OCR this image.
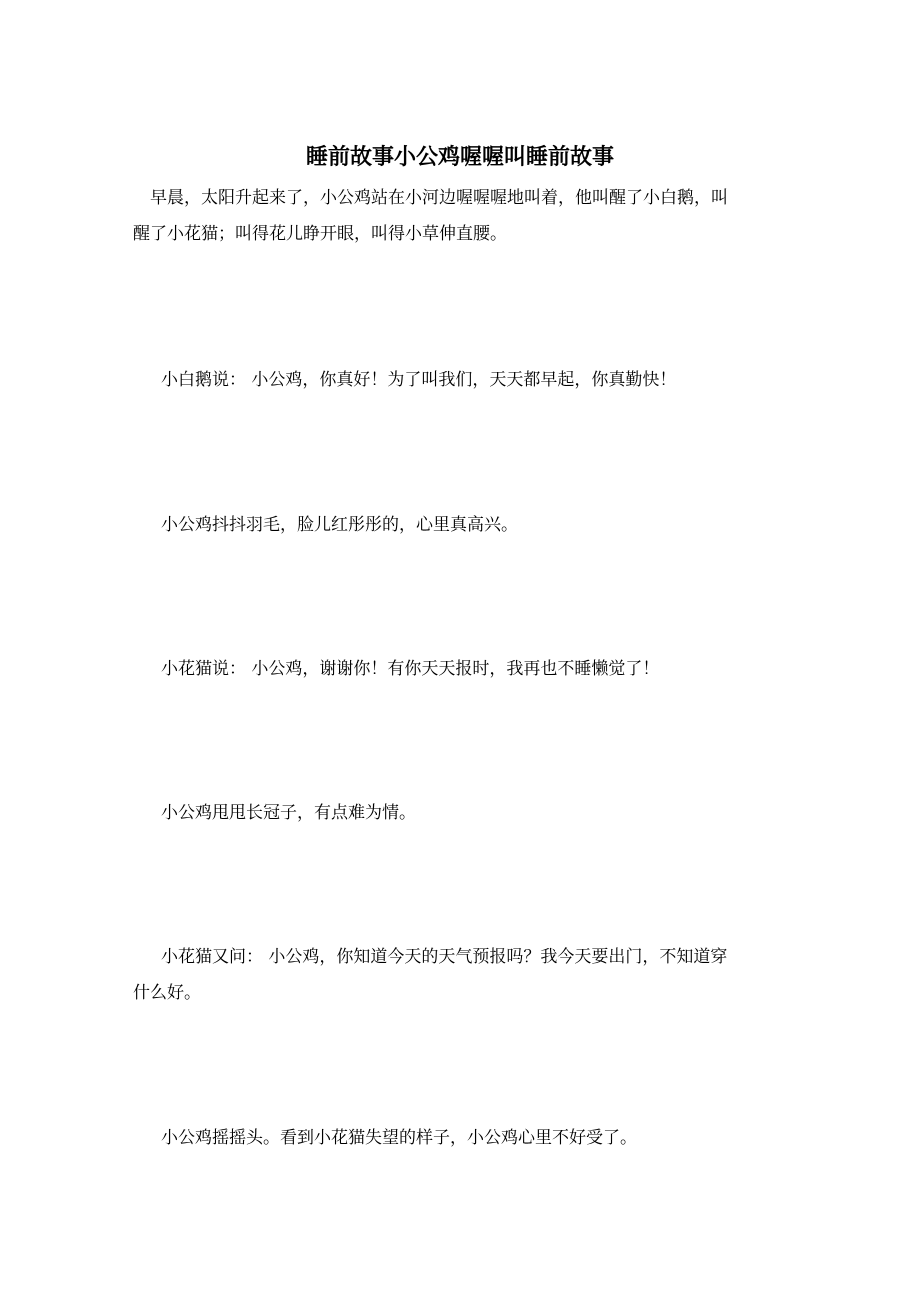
睡前故事小公鸡喔喔叫睡前故事
早晨，太阳升起来了，小公鸡站在小河边喔喔喔地叫着，他叫醒了小白鹅，叫
醒了小花猫；叫得花儿睁开眼，叫得小草伸直腰。
小白鹅说： 小公鸡，你真好！为了叫我们，天天都早起，你真勤快！
小公鸡抖抖羽毛，脸儿红彤彤的，心里真高兴。
小花猫说： 小公鸡，谢谢你！有你天天报时，我再也不睡懒觉了！
小公鸡甩甩长冠子，有点难为情。
小花猫又问： 小公鸡，你知道今天的天气预报吗？我今天要出门，不知道穿
什么好。
小公鸡摇摇头。看到小花猫失望的样子，小公鸡心里不好受了。
